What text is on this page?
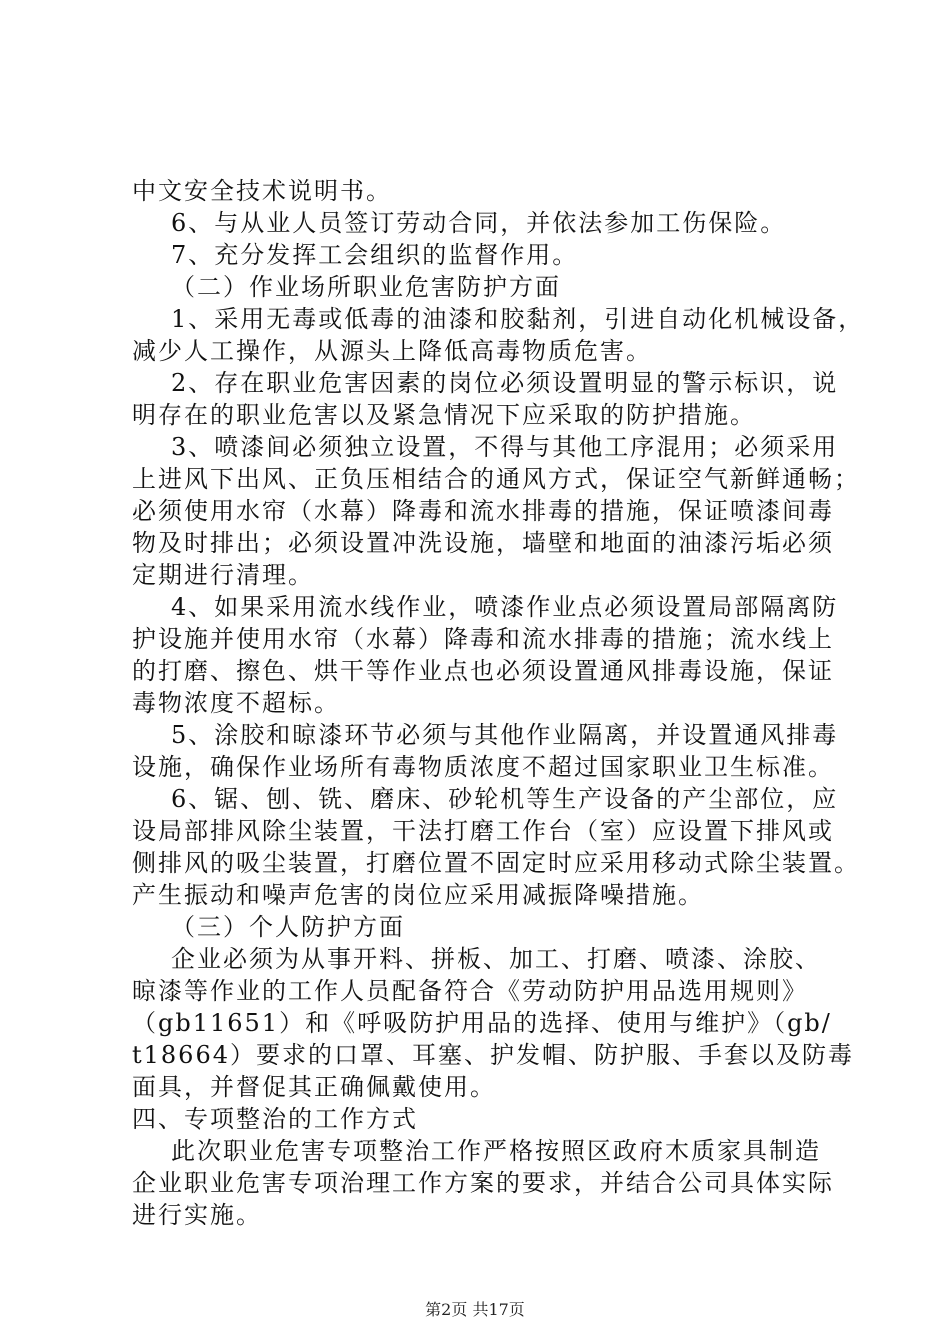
中文安全技术说明书。
6、与从业人员签订劳动合同，并依法参加工伤保险。
7、充分发挥工会组织的监督作用。
（二）作业场所职业危害防护方面
1、采用无毒或低毒的油漆和胶黏剂，引进自动化机械设备，
减少人工操作，从源头上降低高毒物质危害。
2、存在职业危害因素的岗位必须设置明显的警示标识，说
明存在的职业危害以及紧急情况下应采取的防护措施。
3、喷漆间必须独立设置，不得与其他工序混用；必须采用
上进风下出风、正负压相结合的通风方式，保证空气新鲜通畅；
必须使用水帘（水幕）降毒和流水排毒的措施，保证喷漆间毒
物及时排出；必须设置冲洗设施，墙壁和地面的油漆污垢必须
定期进行清理。
4、如果采用流水线作业，喷漆作业点必须设置局部隔离防
护设施并使用水帘（水幕）降毒和流水排毒的措施；流水线上
的打磨、擦色、烘干等作业点也必须设置通风排毒设施，保证
毒物浓度不超标。
5、涂胶和晾漆环节必须与其他作业隔离，并设置通风排毒
设施，确保作业场所有毒物质浓度不超过国家职业卫生标准。
6、锯、刨、铣、磨床、砂轮机等生产设备的产尘部位，应
设局部排风除尘装置，干法打磨工作台（室）应设置下排风或
侧排风的吸尘装置，打磨位置不固定时应采用移动式除尘装置。
产生振动和噪声危害的岗位应采用减振降噪措施。
（三）个人防护方面
企业必须为从事开料、拼板、加工、打磨、喷漆、涂胶、
晾漆等作业的工作人员配备符合《劳动防护用品选用规则》
（gb11651）和《呼吸防护用品的选择、使用与维护》（gb/
t18664）要求的口罩、耳塞、护发帽、防护服、手套以及防毒
面具，并督促其正确佩戴使用。
四、专项整治的工作方式
此次职业危害专项整治工作严格按照区政府木质家具制造
企业职业危害专项治理工作方案的要求，并结合公司具体实际
进行实施。
第2页 共17页
